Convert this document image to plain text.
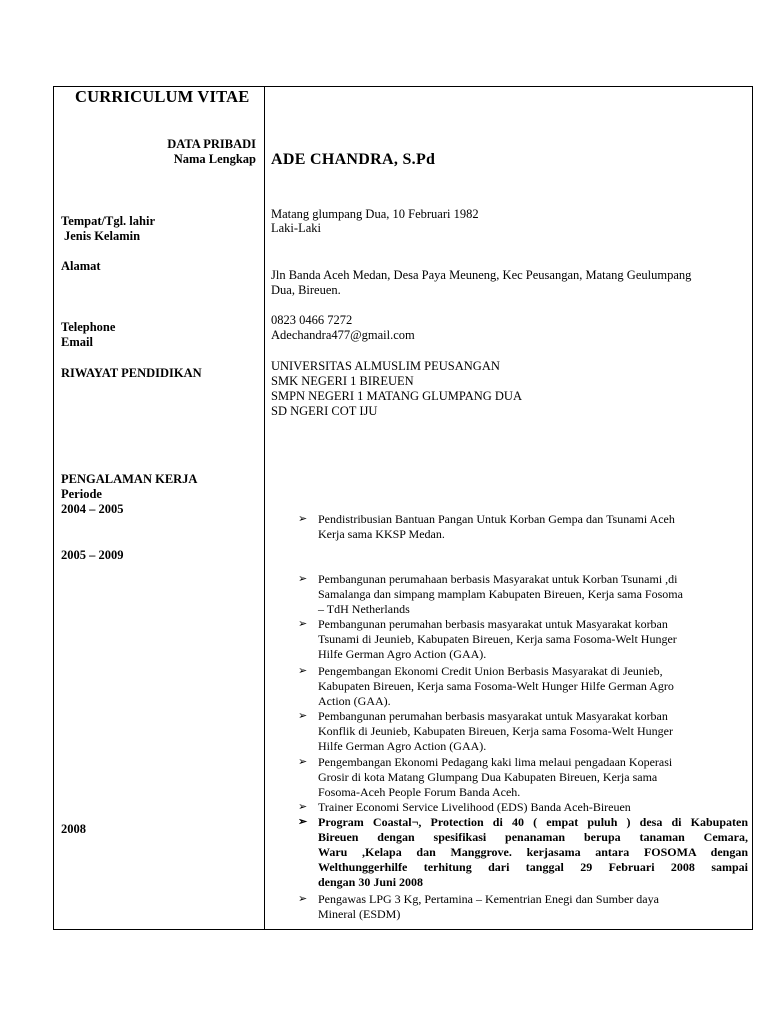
CURRICULUM VITAE
DATA PRIBADI
Nama Lengkap
Tempat/Tgl. lahir
Jenis Kelamin
Alamat
Telephone
Email
RIWAYAT PENDIDIKAN
PENGALAMAN KERJA
Periode
2004 – 2005
2005 – 2009
2008
ADE CHANDRA, S.Pd
Matang glumpang Dua, 10 Februari 1982
Laki-Laki
Jln Banda Aceh Medan, Desa Paya Meuneng, Kec Peusangan, Matang Geulumpang
Dua, Bireuen.
0823 0466 7272
Adechandra477@gmail.com
UNIVERSITAS ALMUSLIM PEUSANGAN
SMK NEGERI 1 BIREUEN
SMPN NEGERI 1 MATANG GLUMPANG DUA
SD NGERI COT IJU
➢ Pendistribusian Bantuan Pangan Untuk Korban Gempa dan Tsunami Aceh
Kerja sama KKSP Medan.
➢ Pembangunan perumahaan berbasis Masyarakat untuk Korban Tsunami ,di
Samalanga dan simpang mamplam Kabupaten Bireuen, Kerja sama Fosoma
– TdH Netherlands
➢ Pembangunan perumahan berbasis masyarakat untuk Masyarakat korban
Tsunami di Jeunieb, Kabupaten Bireuen, Kerja sama Fosoma-Welt Hunger
Hilfe German Agro Action (GAA).
➢ Pengembangan Ekonomi Credit Union Berbasis Masyarakat di Jeunieb,
Kabupaten Bireuen, Kerja sama Fosoma-Welt Hunger Hilfe German Agro
Action (GAA).
➢ Pembangunan perumahan berbasis masyarakat untuk Masyarakat korban
Konflik di Jeunieb, Kabupaten Bireuen, Kerja sama Fosoma-Welt Hunger
Hilfe German Agro Action (GAA).
➢ Pengembangan Ekonomi Pedagang kaki lima melaui pengadaan Koperasi
Grosir di kota Matang Glumpang Dua Kabupaten Bireuen, Kerja sama
Fosoma-Aceh People Forum Banda Aceh.
➢ Trainer Economi Service Livelihood (EDS) Banda Aceh-Bireuen
➢ Program Coastal¬, Protection di 40 ( empat puluh ) desa di Kabupaten
Bireuen dengan spesifikasi penanaman berupa tanaman Cemara,
Waru ,Kelapa dan Manggrove. kerjasama antara FOSOMA dengan
Welthunggerhilfe terhitung dari tanggal 29 Februari 2008 sampai
dengan 30 Juni 2008
➢ Pengawas LPG 3 Kg, Pertamina – Kementrian Enegi dan Sumber daya
Mineral (ESDM)
